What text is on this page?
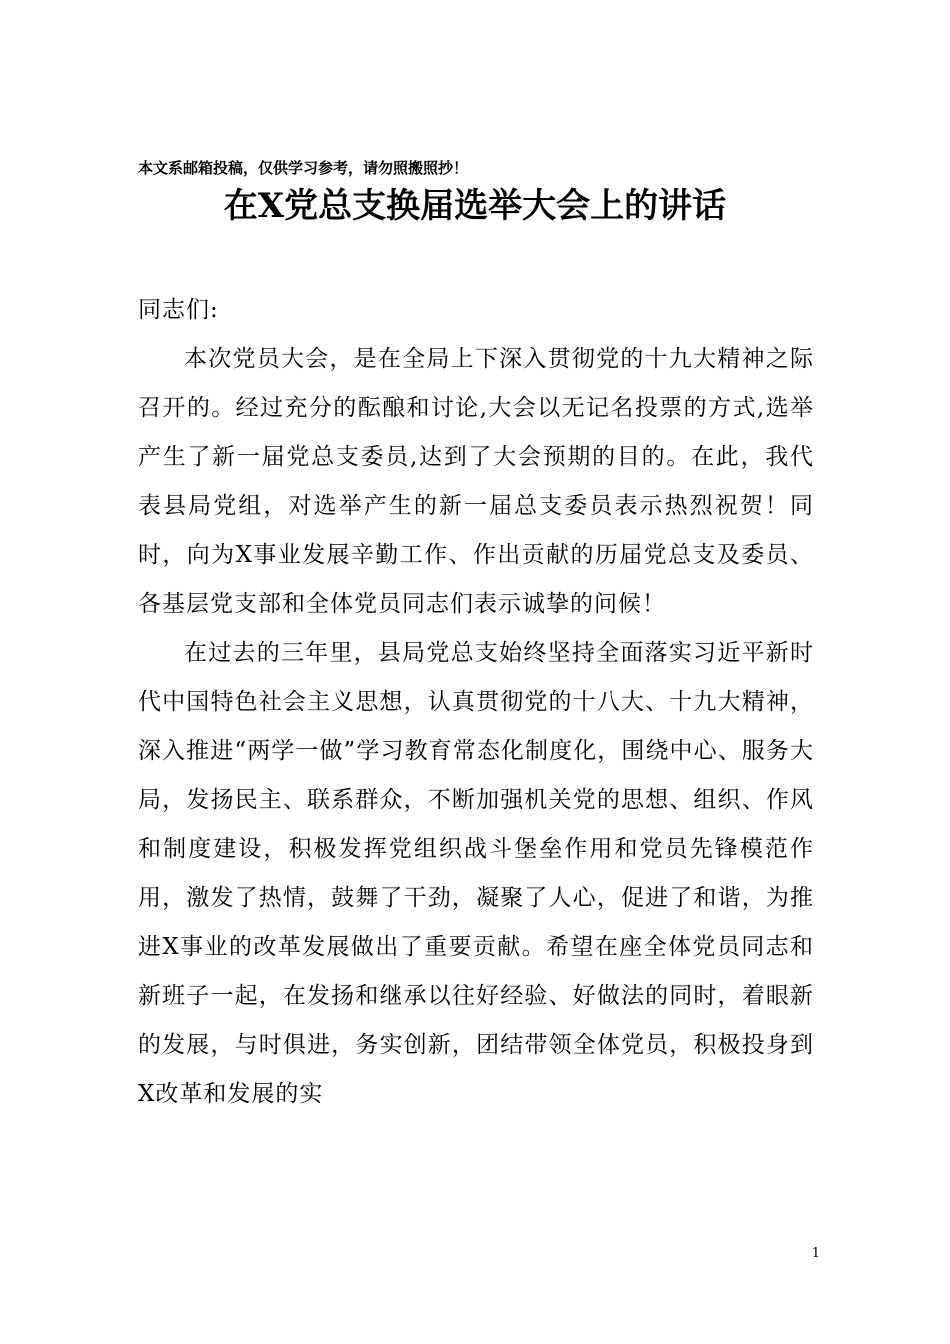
本文系邮箱投稿，仅供学习参考，请勿照搬照抄！
在X党总支换届选举大会上的讲话

同志们:

本次党员大会，是在全局上下深入贯彻党的十九大精神之际召开的。经过充分的酝酿和讨论,大会以无记名投票的方式,选举产生了新一届党总支委员,达到了大会预期的目的。在此，我代表县局党组，对选举产生的新一届总支委员表示热烈祝贺！同时，向为X事业发展辛勤工作、作出贡献的历届党总支及委员、各基层党支部和全体党员同志们表示诚挚的问候！

在过去的三年里，县局党总支始终坚持全面落实习近平新时代中国特色社会主义思想，认真贯彻党的十八大、十九大精神，深入推进“两学一做”学习教育常态化制度化，围绕中心、服务大局，发扬民主、联系群众，不断加强机关党的思想、组织、作风和制度建设，积极发挥党组织战斗堡垒作用和党员先锋模范作用，激发了热情，鼓舞了干劲，凝聚了人心，促进了和谐，为推进X事业的改革发展做出了重要贡献。希望在座全体党员同志和新班子一起，在发扬和继承以往好经验、好做法的同时，着眼新的发展，与时俱进，务实创新，团结带领全体党员，积极投身到X改革和发展的实

1
